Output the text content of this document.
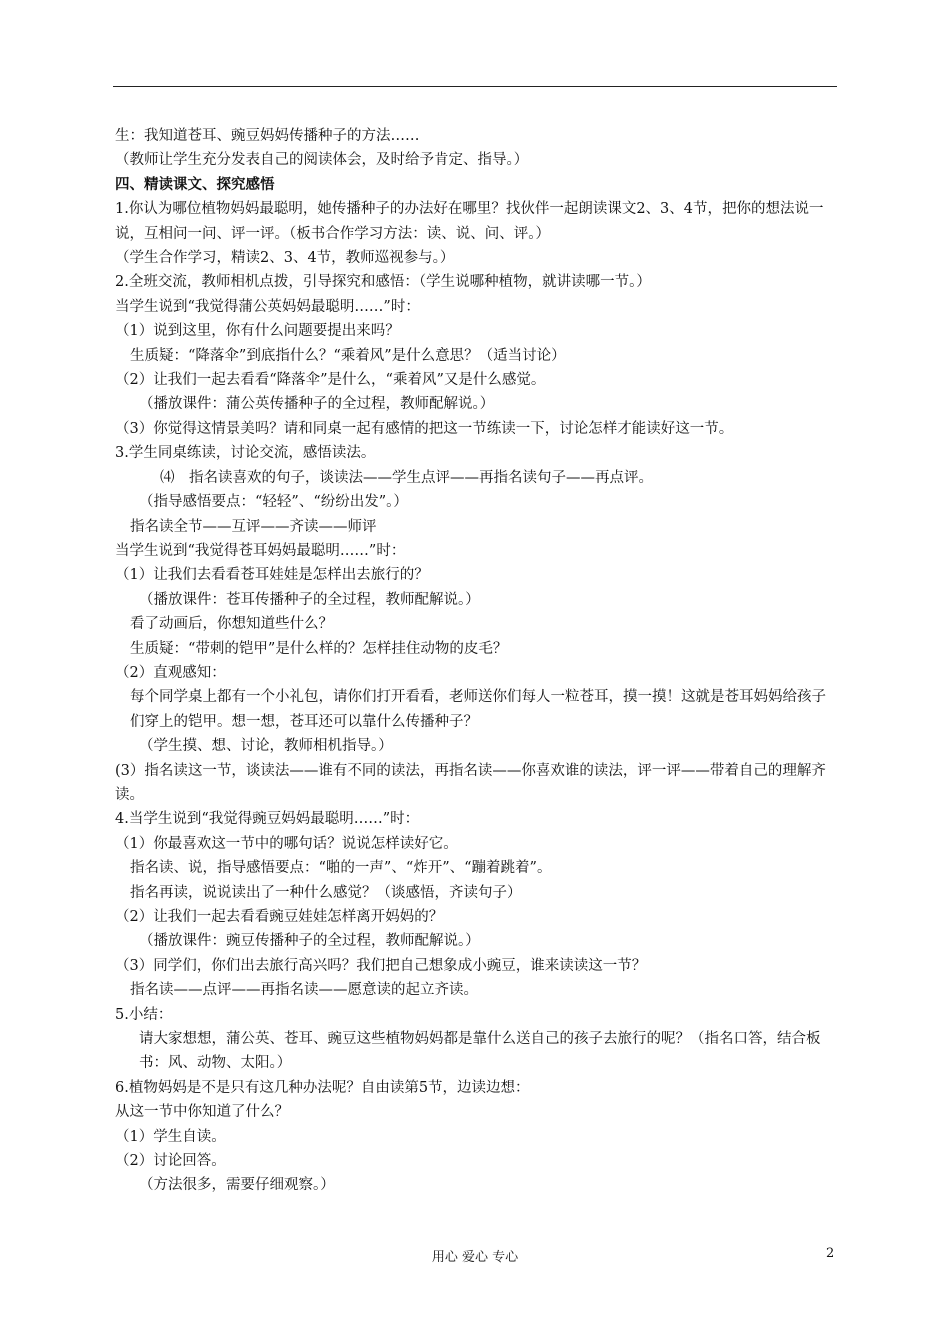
生：我知道苍耳、豌豆妈妈传播种子的方法……
（教师让学生充分发表自己的阅读体会，及时给予肯定、指导。）
四、精读课文、探究感悟
1.你认为哪位植物妈妈最聪明，她传播种子的办法好在哪里？找伙伴一起朗读课文2、3、4节，把你的想法说一说，互相问一问、评一评。（板书合作学习方法：读、说、问、评。）
（学生合作学习，精读2、3、4节，教师巡视参与。）
2.全班交流，教师相机点拨，引导探究和感悟：（学生说哪种植物，就讲读哪一节。）
当学生说到“我觉得蒲公英妈妈最聪明……”时：
（1）说到这里，你有什么问题要提出来吗？
生质疑：“降落伞”到底指什么？“乘着风”是什么意思？（适当讨论）
（2）让我们一起去看看“降落伞”是什么，“乘着风”又是什么感觉。
（播放课件：蒲公英传播种子的全过程，教师配解说。）
（3）你觉得这情景美吗？请和同桌一起有感情的把这一节练读一下，讨论怎样才能读好这一节。
3.学生同桌练读，讨论交流，感悟读法。
⑷　指名读喜欢的句子，谈读法——学生点评——再指名读句子——再点评。
（指导感悟要点：“轻轻”、“纷纷出发”。）
指名读全节——互评——齐读——师评
当学生说到“我觉得苍耳妈妈最聪明……”时：
（1）让我们去看看苍耳娃娃是怎样出去旅行的？
（播放课件：苍耳传播种子的全过程，教师配解说。）
看了动画后，你想知道些什么？
生质疑：“带刺的铠甲”是什么样的？怎样挂住动物的皮毛？
（2）直观感知：
每个同学桌上都有一个小礼包，请你们打开看看，老师送你们每人一粒苍耳，摸一摸！这就是苍耳妈妈给孩子们穿上的铠甲。想一想，苍耳还可以靠什么传播种子？
（学生摸、想、讨论，教师相机指导。）
(3）指名读这一节，谈读法——谁有不同的读法，再指名读——你喜欢谁的读法，评一评——带着自己的理解齐读。
4.当学生说到“我觉得豌豆妈妈最聪明……”时：
（1）你最喜欢这一节中的哪句话？说说怎样读好它。
指名读、说，指导感悟要点：“啪的一声”、“炸开”、“蹦着跳着”。
指名再读，说说读出了一种什么感觉？（谈感悟，齐读句子）
（2）让我们一起去看看豌豆娃娃怎样离开妈妈的？
（播放课件：豌豆传播种子的全过程，教师配解说。）
（3）同学们，你们出去旅行高兴吗？我们把自己想象成小豌豆，谁来读读这一节？
指名读——点评——再指名读——愿意读的起立齐读。
5.小结：
请大家想想，蒲公英、苍耳、豌豆这些植物妈妈都是靠什么送自己的孩子去旅行的呢？（指名口答，结合板书：风、动物、太阳。）
6.植物妈妈是不是只有这几种办法呢？自由读第5节，边读边想：
从这一节中你知道了什么？
（1）学生自读。
（2）讨论回答。
（方法很多，需要仔细观察。）
用心 爱心 专心	2
